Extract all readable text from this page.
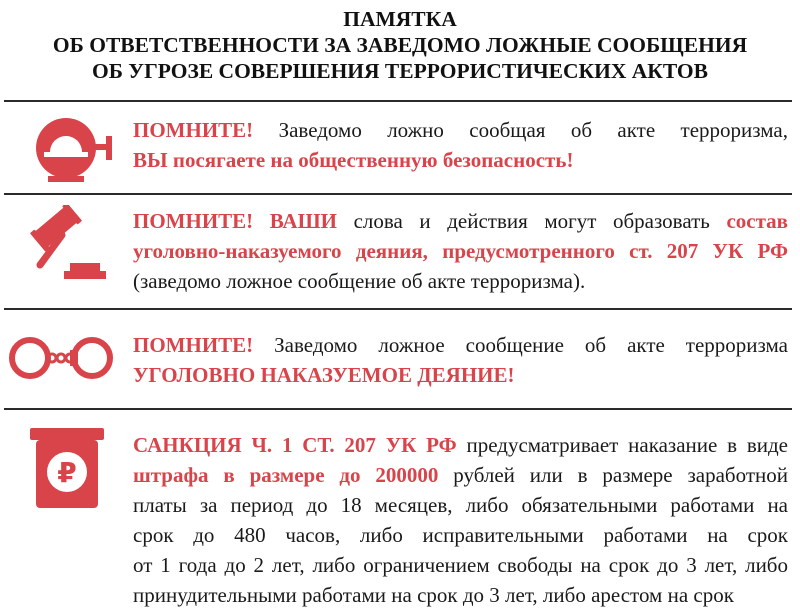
ПАМЯТКА
ОБ ОТВЕТСТВЕННОСТИ ЗА ЗАВЕДОМО ЛОЖНЫЕ СООБЩЕНИЯ
ОБ УГРОЗЕ СОВЕРШЕНИЯ ТЕРРОРИСТИЧЕСКИХ АКТОВ
ПОМНИТЕ! Заведомо ложно сообщая об акте терроризма,
ВЫ посягаете на общественную безопасность!
ПОМНИТЕ! ВАШИ слова и действия могут образовать состав
уголовно-наказуемого деяния, предусмотренного ст. 207 УК РФ
(заведомо ложное сообщение об акте терроризма).
ПОМНИТЕ! Заведомо ложное сообщение об акте терроризма
УГОЛОВНО НАКАЗУЕМОЕ ДЕЯНИЕ!
₽
САНКЦИЯ Ч. 1 СТ. 207 УК РФ предусматривает наказание в виде
штрафа в размере до 200000 рублей или в размере заработной
платы за период до 18 месяцев, либо обязательными работами на
срок до 480 часов, либо исправительными работами на срок
от 1 года до 2 лет, либо ограничением свободы на срок до 3 лет, либо
принудительными работами на срок до 3 лет, либо арестом на срок
